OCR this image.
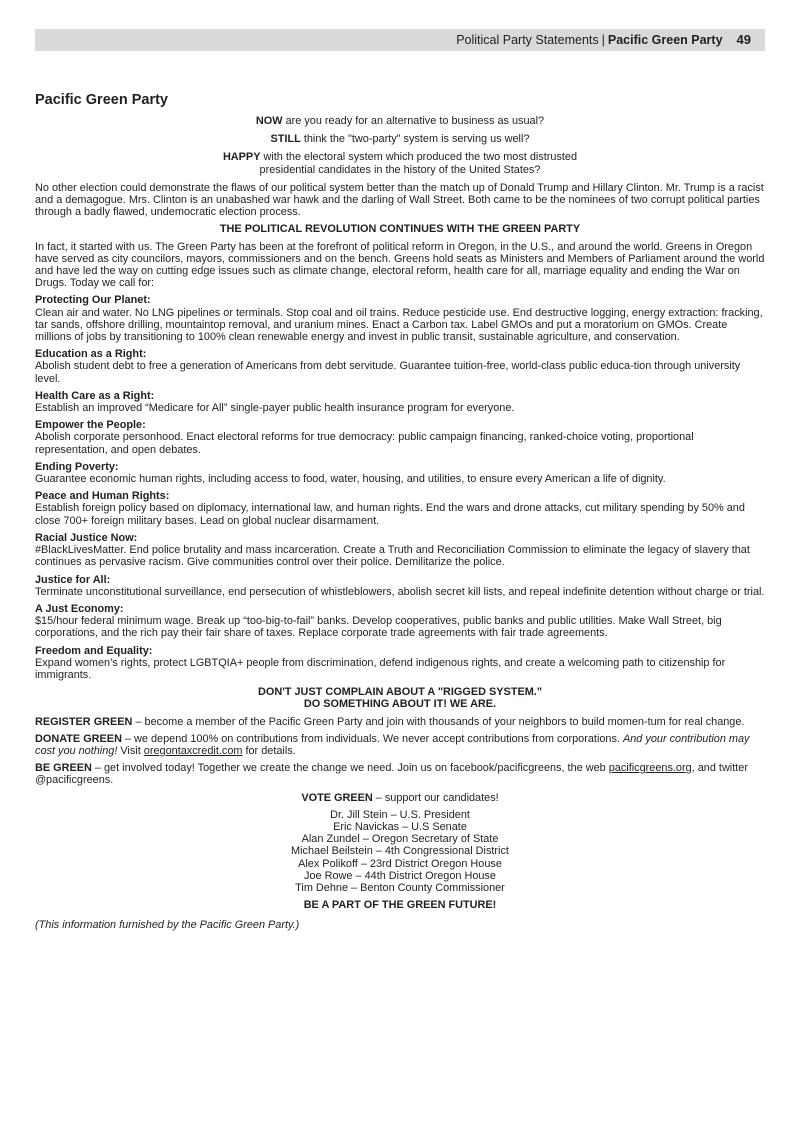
Political Party Statements | Pacific Green Party 49
Pacific Green Party

NOW are you ready for an alternative to business as usual?

STILL think the "two-party" system is serving us well?

HAPPY with the electoral system which produced the two most distrusted
presidential candidates in the history of the United States?

No other election could demonstrate the flaws of our political system better than the match up of Donald Trump and Hillary Clinton. Mr. Trump is a racist and a demagogue. Mrs. Clinton is an unabashed war hawk and the darling of Wall Street. Both came to be the nominees of two corrupt political parties through a badly flawed, undemocratic election process.

THE POLITICAL REVOLUTION CONTINUES WITH THE GREEN PARTY

In fact, it started with us. The Green Party has been at the forefront of political reform in Oregon, in the U.S., and around the world. Greens in Oregon have served as city councilors, mayors, commissioners and on the bench. Greens hold seats as Ministers and Members of Parliament around the world and have led the way on cutting edge issues such as climate change, electoral reform, health care for all, marriage equality and ending the War on Drugs. Today we call for:

Protecting Our Planet:
Clean air and water. No LNG pipelines or terminals. Stop coal and oil trains. Reduce pesticide use. End destructive logging, energy extraction: fracking, tar sands, offshore drilling, mountaintop removal, and uranium mines. Enact a Carbon tax. Label GMOs and put a moratorium on GMOs. Create millions of jobs by transitioning to 100% clean renewable energy and invest in public transit, sustainable agriculture, and conservation.
Education as a Right:
Abolish student debt to free a generation of Americans from debt servitude. Guarantee tuition-free, world-class public educa-tion through university level.
Health Care as a Right:
Establish an improved “Medicare for All” single-payer public health insurance program for everyone.
Empower the People:
Abolish corporate personhood. Enact electoral reforms for true democracy: public campaign financing, ranked-choice voting, proportional representation, and open debates.
Ending Poverty:
Guarantee economic human rights, including access to food, water, housing, and utilities, to ensure every American a life of dignity.
Peace and Human Rights:
Establish foreign policy based on diplomacy, international law, and human rights. End the wars and drone attacks, cut military spending by 50% and close 700+ foreign military bases. Lead on global nuclear disarmament.
Racial Justice Now:
#BlackLivesMatter. End police brutality and mass incarceration. Create a Truth and Reconciliation Commission to eliminate the legacy of slavery that continues as pervasive racism. Give communities control over their police. Demilitarize the police.
Justice for All:
Terminate unconstitutional surveillance, end persecution of whistleblowers, abolish secret kill lists, and repeal indefinite detention without charge or trial.
A Just Economy:
$15/hour federal minimum wage. Break up “too-big-to-fail” banks. Develop cooperatives, public banks and public utilities. Make Wall Street, big corporations, and the rich pay their fair share of taxes. Replace corporate trade agreements with fair trade agreements.
Freedom and Equality:
Expand women’s rights, protect LGBTQIA+ people from discrimination, defend indigenous rights, and create a welcoming path to citizenship for immigrants.

DON'T JUST COMPLAIN ABOUT A "RIGGED SYSTEM."
DO SOMETHING ABOUT IT! WE ARE.

REGISTER GREEN – become a member of the Pacific Green Party and join with thousands of your neighbors to build momen-tum for real change.

DONATE GREEN – we depend 100% on contributions from individuals. We never accept contributions from corporations. And your contribution may cost you nothing! Visit oregontaxcredit.com for details.

BE GREEN – get involved today! Together we create the change we need. Join us on facebook/pacificgreens, the web pacificgreens.org, and twitter @pacificgreens.

VOTE GREEN – support our candidates!

Dr. Jill Stein – U.S. President
Eric Navickas – U.S Senate
Alan Zundel – Oregon Secretary of State
Michael Beilstein – 4th Congressional District
Alex Polikoff – 23rd District Oregon House
Joe Rowe – 44th District Oregon House
Tim Dehne – Benton County Commissioner

BE A PART OF THE GREEN FUTURE!

(This information furnished by the Pacific Green Party.)
